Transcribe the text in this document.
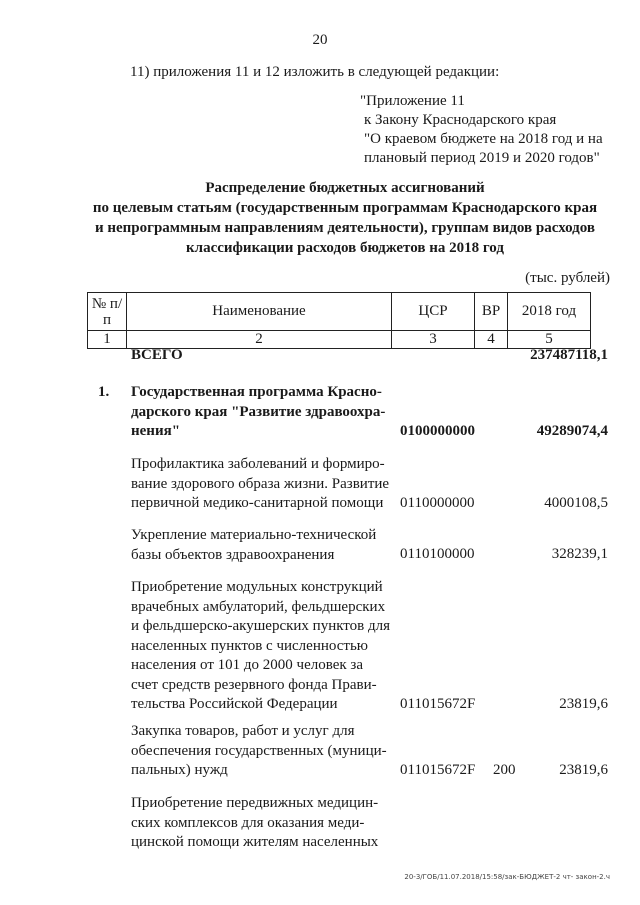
20
11) приложения 11 и 12 изложить в следующей редакции:
"Приложение 11
к Закону Краснодарского края
"О краевом бюджете на 2018 год и на
плановый период 2019 и 2020 годов"
Распределение бюджетных ассигнований
по целевым статьям (государственным программам Краснодарского края
и непрограммным направлениям деятельности), группам видов расходов
классификации расходов бюджетов на 2018 год
(тыс. рублей)
№ п/п	Наименование	ЦСР	ВР	2018 год
1	2	3	4	5
ВСЕГО	237487118,1
1. Государственная программа Красно-
дарского края "Развитие здравоохра-
нения"	0100000000	49289074,4
Профилактика заболеваний и формиро-
вание здорового образа жизни. Развитие
первичной медико-санитарной помощи	0110000000	4000108,5
Укрепление материально-технической
базы объектов здравоохранения	0110100000	328239,1
Приобретение модульных конструкций
врачебных амбулаторий, фельдшерских
и фельдшерско-акушерских пунктов для
населенных пунктов с численностью
населения от 101 до 2000 человек за
счет средств резервного фонда Прави-
тельства Российской Федерации	011015672F	23819,6
Закупка товаров, работ и услуг для
обеспечения государственных (муници-
пальных) нужд	011015672F 200	23819,6
Приобретение передвижных медицин-
ских комплексов для оказания меди-
цинской помощи жителям населенных
20-3/ГОБ/11.07.2018/15:58/зак-БЮДЖЕТ-2 чт- закон-2.ч
